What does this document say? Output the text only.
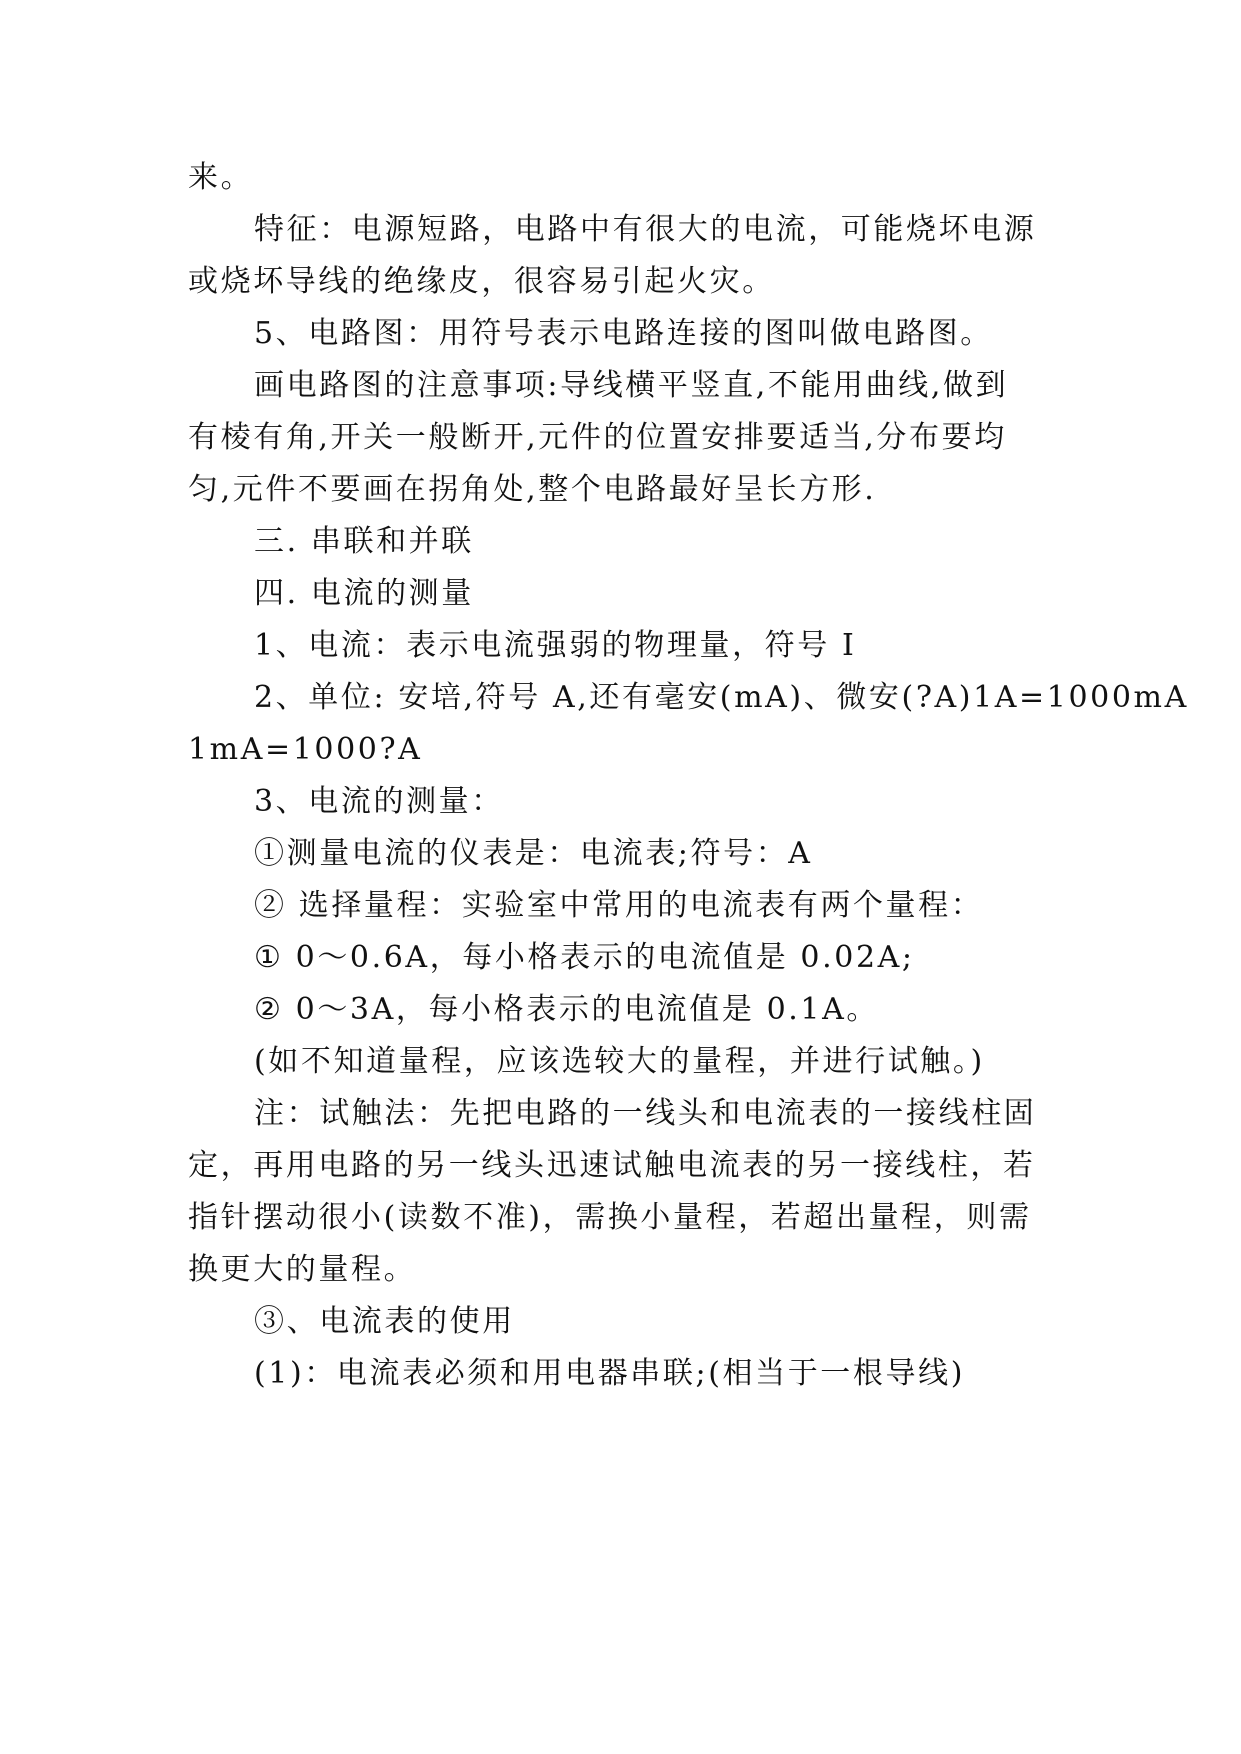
来。
特征：电源短路，电路中有很大的电流，可能烧坏电源
或烧坏导线的绝缘皮，很容易引起火灾。
5、电路图：用符号表示电路连接的图叫做电路图。
画电路图的注意事项:导线横平竖直,不能用曲线,做到
有棱有角,开关一般断开,元件的位置安排要适当,分布要均
匀,元件不要画在拐角处,整个电路最好呈长方形.
三. 串联和并联
四. 电流的测量
1、电流：表示电流强弱的物理量，符号 I
2、单位: 安培,符号 A,还有毫安(mA)、微安(?A)1A=1000mA
1mA=1000?A
3、电流的测量：
①测量电流的仪表是：电流表;符号：A
② 选择量程：实验室中常用的电流表有两个量程：
① 0～0.6A，每小格表示的电流值是 0.02A;
② 0～3A，每小格表示的电流值是 0.1A。
(如不知道量程，应该选较大的量程，并进行试触。)
注：试触法：先把电路的一线头和电流表的一接线柱固
定，再用电路的另一线头迅速试触电流表的另一接线柱，若
指针摆动很小(读数不准)，需换小量程，若超出量程，则需
换更大的量程。
③、电流表的使用
(1)：电流表必须和用电器串联;(相当于一根导线)
